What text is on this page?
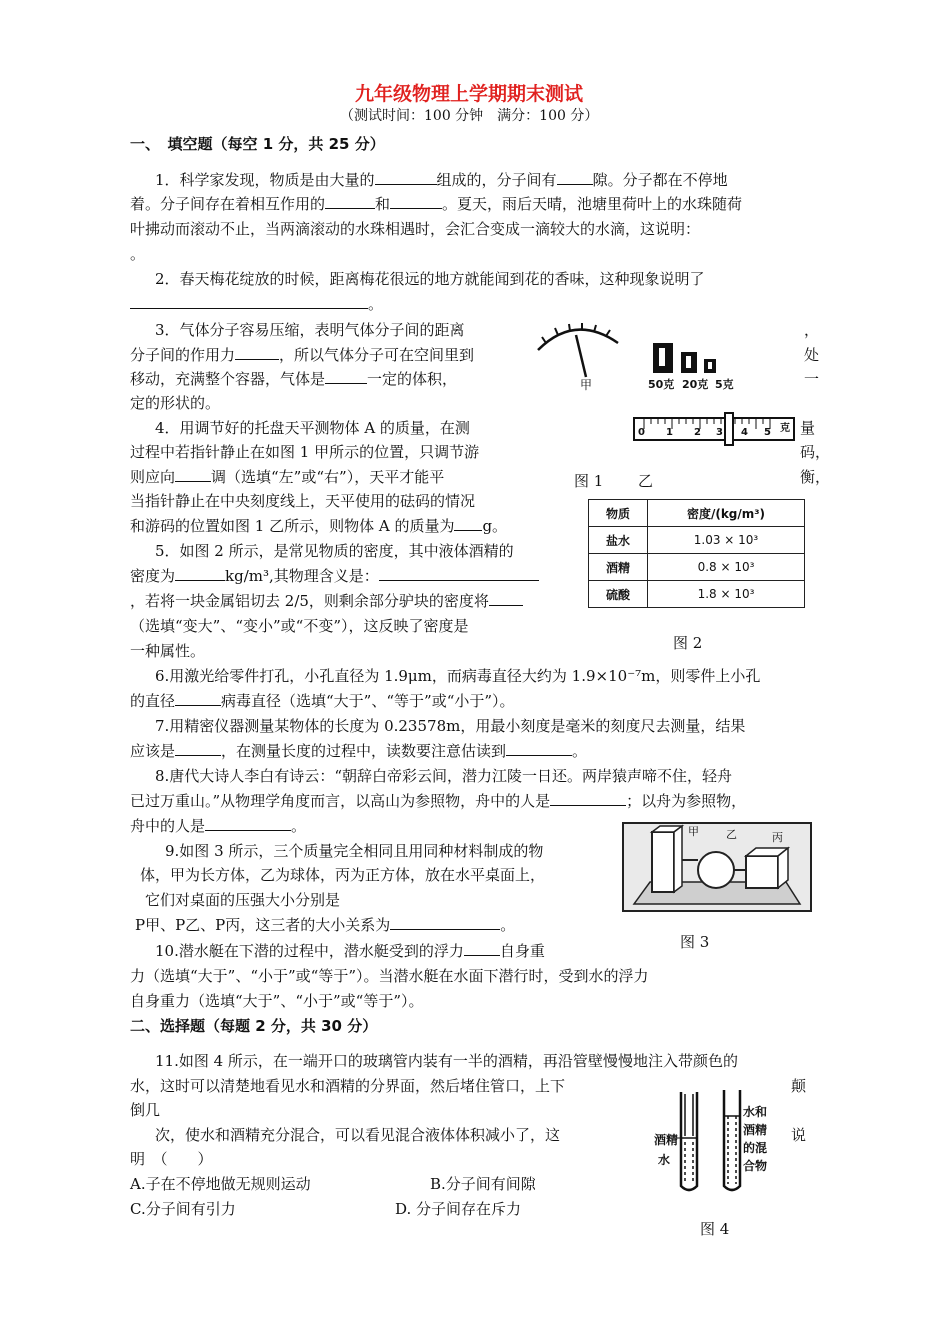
九年级物理上学期期末测试
（测试时间：100 分钟　满分：100 分）
一、　填空题（每空 1 分，共 25 分）
1．科学家发现，物质是由大量的	组成的，分子间有 隙。分子都在不停地
着。分子间存在着相互作用的	和	。夏天，雨后天晴，池塘里荷叶上的水珠随荷
叶拂动而滚动不止，当两滴滚动的水珠相遇时，会汇合变成一滴较大的水滴，这说明：
。
2．春天梅花绽放的时候，距离梅花很远的地方就能闻到花的香味，这种现象说明了
。
3．气体分子容易压缩，表明气体分子间的距离
分子间的作用力	，所以气体分子可在空间里到
移动，充满整个容器，气体是	一定的体积，
定的形状的。
，
处
一
4．用调节好的托盘天平测物体 A 的质量，在测
过程中若指针静止在如图 1 甲所示的位置，只调节游
则应向 调（选填“左”或“右”），天平才能平
当指针静止在中央刻度线上，天平使用的砝码的情况
和游码的位置如图 1 乙所示，则物体 A 的质量为 g。
量
码，
衡，
甲	50克 20克 5克
0 1 2 3 4 5 克
图 1 乙
物质	密度/(kg/m³)
盐水	1.03 × 10³
酒精	0.8 × 10³
硫酸	1.8 × 10³
图 2
5．如图 2 所示，是常见物质的密度，其中液体酒精的
密度为	kg/m³,其物理含义是：
，若将一块金属铝切去 2/5，则剩余部分驴块的密度将
（选填“变大”、“变小”或“不变”），这反映了密度是
一种属性。
6.用激光给零件打孔，小孔直径为 1.9μm，而病毒直径大约为 1.9×10⁻⁷m，则零件上小孔
的直径	病毒直径（选填“大于”、“等于”或“小于”）。
7.用精密仪器测量某物体的长度为 0.23578m，用最小刻度是毫米的刻度尺去测量，结果
应该是	，在测量长度的过程中，读数要注意估读到	。
8.唐代大诗人李白有诗云：“朝辞白帝彩云间，潜力江陵一日还。两岸猿声啼不住，轻舟
已过万重山。”从物理学角度而言，以高山为参照物，舟中的人是	；以舟为参照物，
舟中的人是	。	甲 乙	丙
图 3
9.如图 3 所示，三个质量完全相同且用同种材料制成的物
体，甲为长方体，乙为球体，丙为正方体，放在水平桌面上，
它们对桌面的压强大小分别是
P甲、P乙、P丙，这三者的大小关系为	。
10.潜水艇在下潜的过程中，潜水艇受到的浮力 自身重
力（选填“大于”、“小于”或“等于”）。当潜水艇在水面下潜行时，受到水的浮力
自身重力（选填“大于”、“小于”或“等于”）。
二、选择题（每题 2 分，共 30 分）
11.如图 4 所示，在一端开口的玻璃管内装有一半的酒精，再沿管壁慢慢地注入带颜色的
水，这时可以清楚地看见水和酒精的分界面，然后堵住管口，上下	颠
倒几
次，使水和酒精充分混合，可以看见混合液体体积减小了，这	说
明　（　　）
A.子在不停地做无规则运动	B.分子间有间隙
C.分子间有引力	D. 分子间存在斥力
酒精
水
水和
酒精
的混
合物
图 4
